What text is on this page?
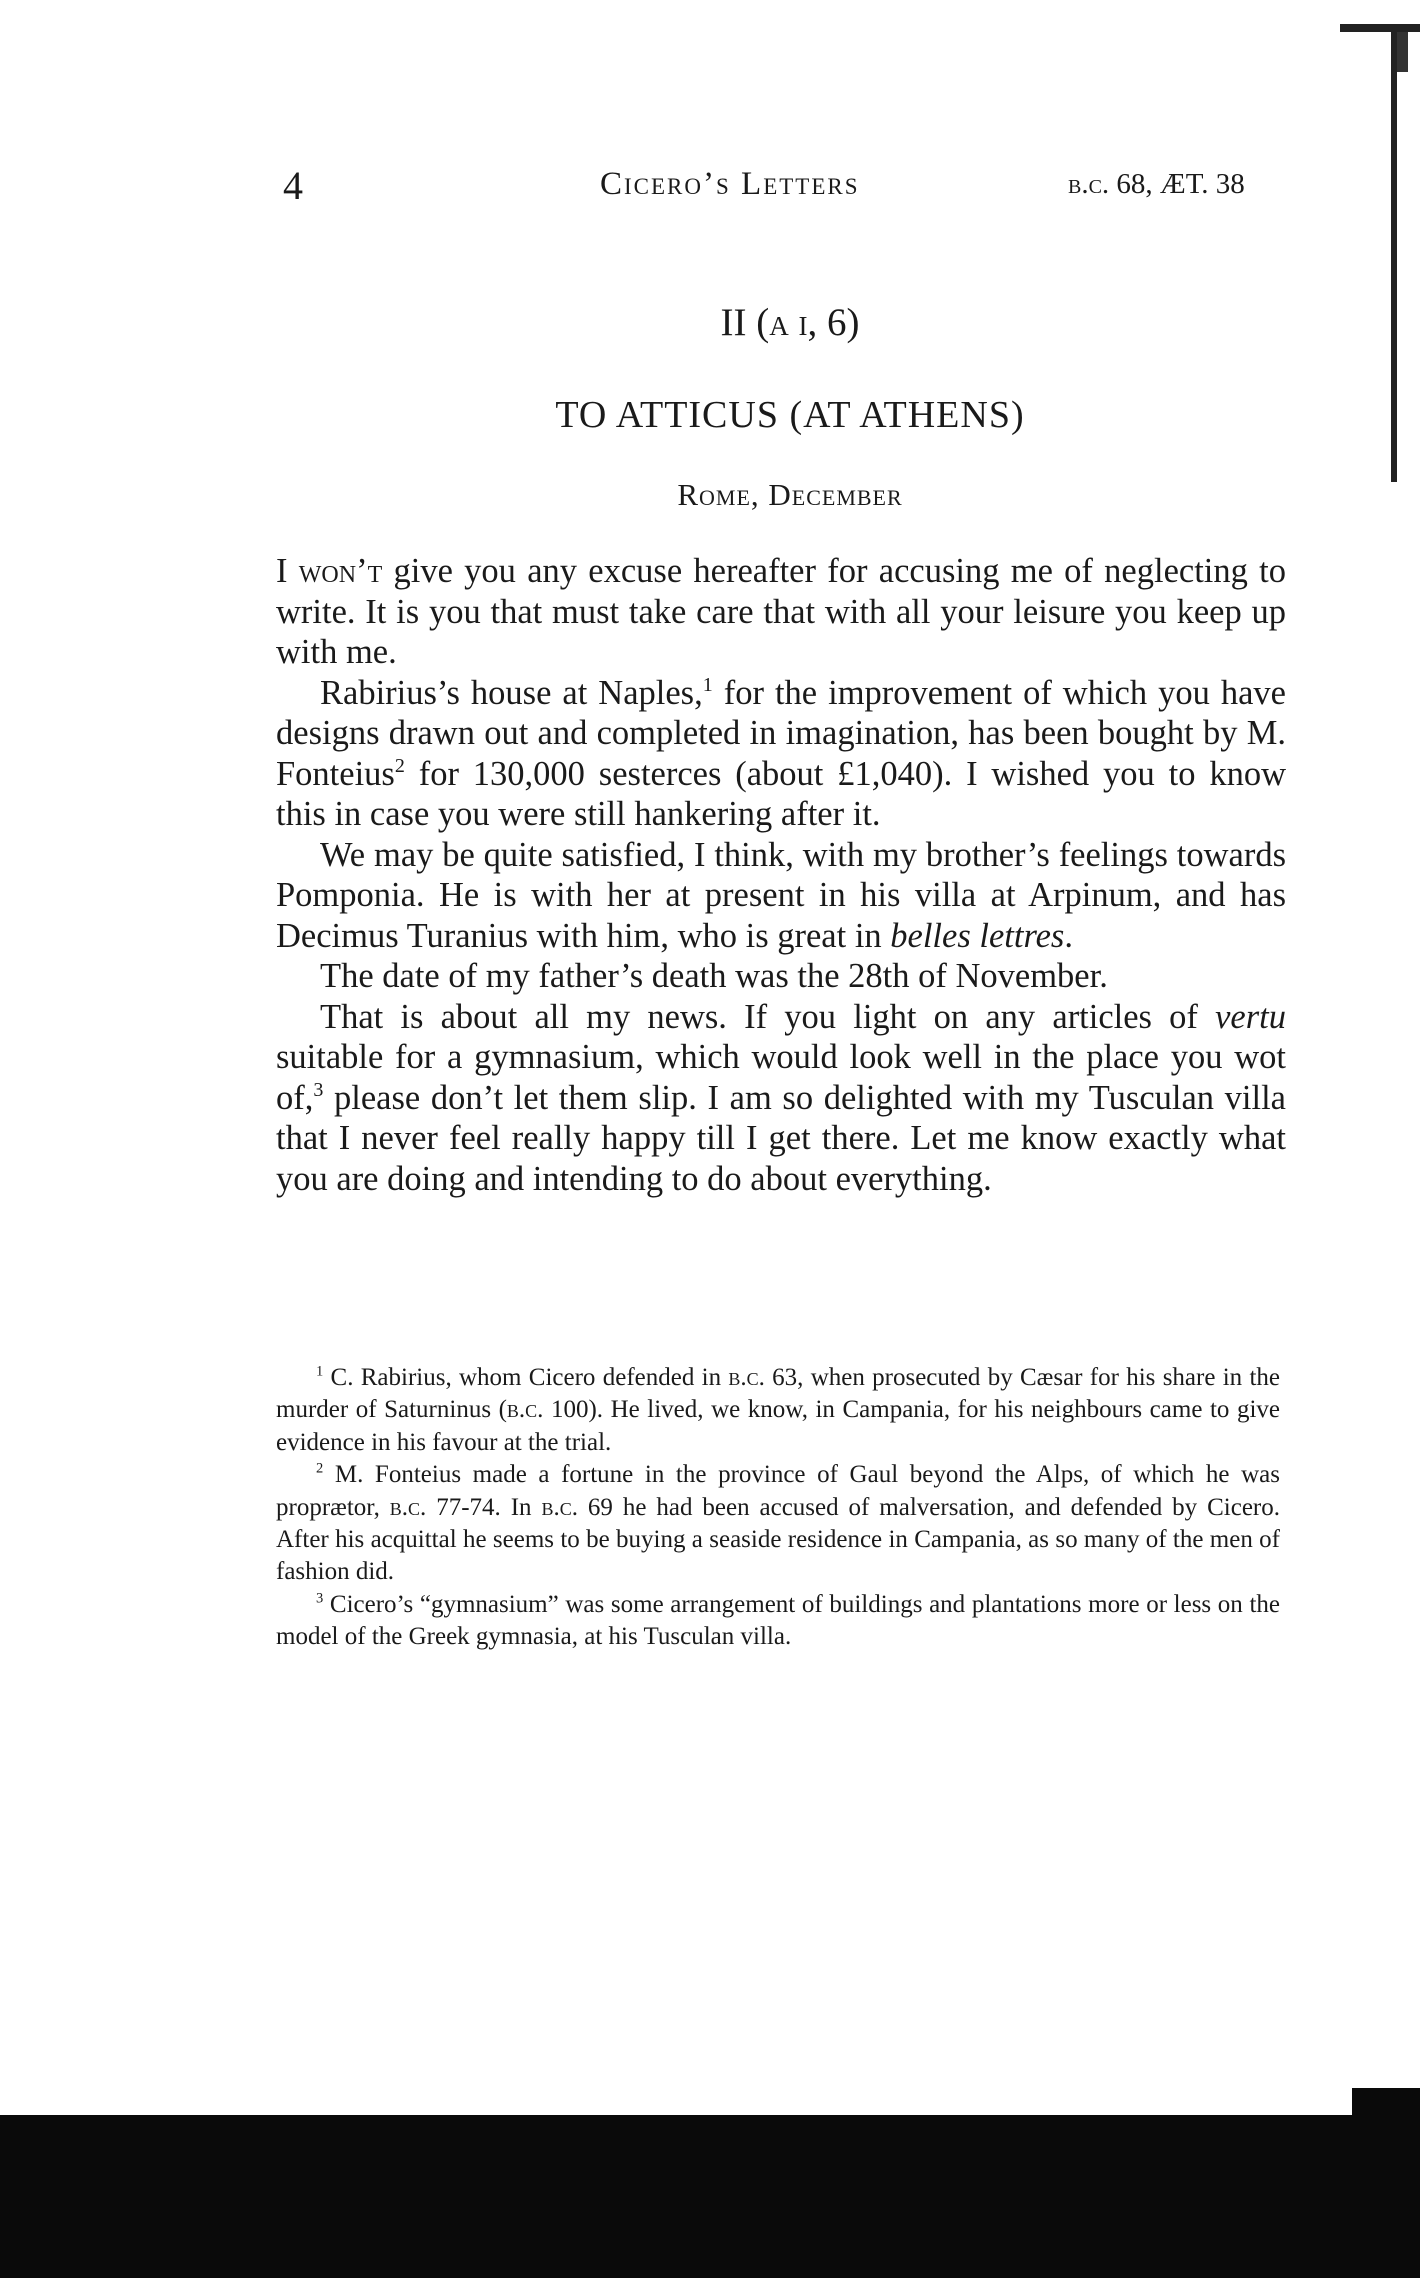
4	Cicero’s Letters	b.c. 68, ÆT. 38
II (a i, 6)
TO ATTICUS (AT ATHENS)
Rome, December

I won’t give you any excuse hereafter for accusing me of neglecting to write. It is you that must take care that with all your leisure you keep up with me.

Rabirius’s house at Naples,$^1$ for the improvement of which you have designs drawn out and completed in imagination, has been bought by M. Fonteius$^2$ for 130,000 sesterces (about £1,040). I wished you to know this in case you were still hankering after it.

We may be quite satisfied, I think, with my brother’s feelings towards Pomponia. He is with her at present in his villa at Arpinum, and has Decimus Turanius with him, who is great in belles lettres.

The date of my father’s death was the 28th of November.

That is about all my news. If you light on any articles of vertu suitable for a gymnasium, which would look well in the place you wot of,$^3$ please don’t let them slip. I am so delighted with my Tusculan villa that I never feel really happy till I get there. Let me know exactly what you are doing and intending to do about everything.

$^1$ C. Rabirius, whom Cicero defended in b.c. 63, when prosecuted by Cæsar for his share in the murder of Saturninus (b.c. 100). He lived, we know, in Campania, for his neighbours came to give evidence in his favour at the trial.

$^2$ M. Fonteius made a fortune in the province of Gaul beyond the Alps, of which he was proprætor, b.c. 77-74. In b.c. 69 he had been accused of malversation, and defended by Cicero. After his acquittal he seems to be buying a seaside residence in Campania, as so many of the men of fashion did.

$^3$ Cicero’s “gymnasium” was some arrangement of buildings and plantations more or less on the model of the Greek gymnasia, at his Tusculan villa.
